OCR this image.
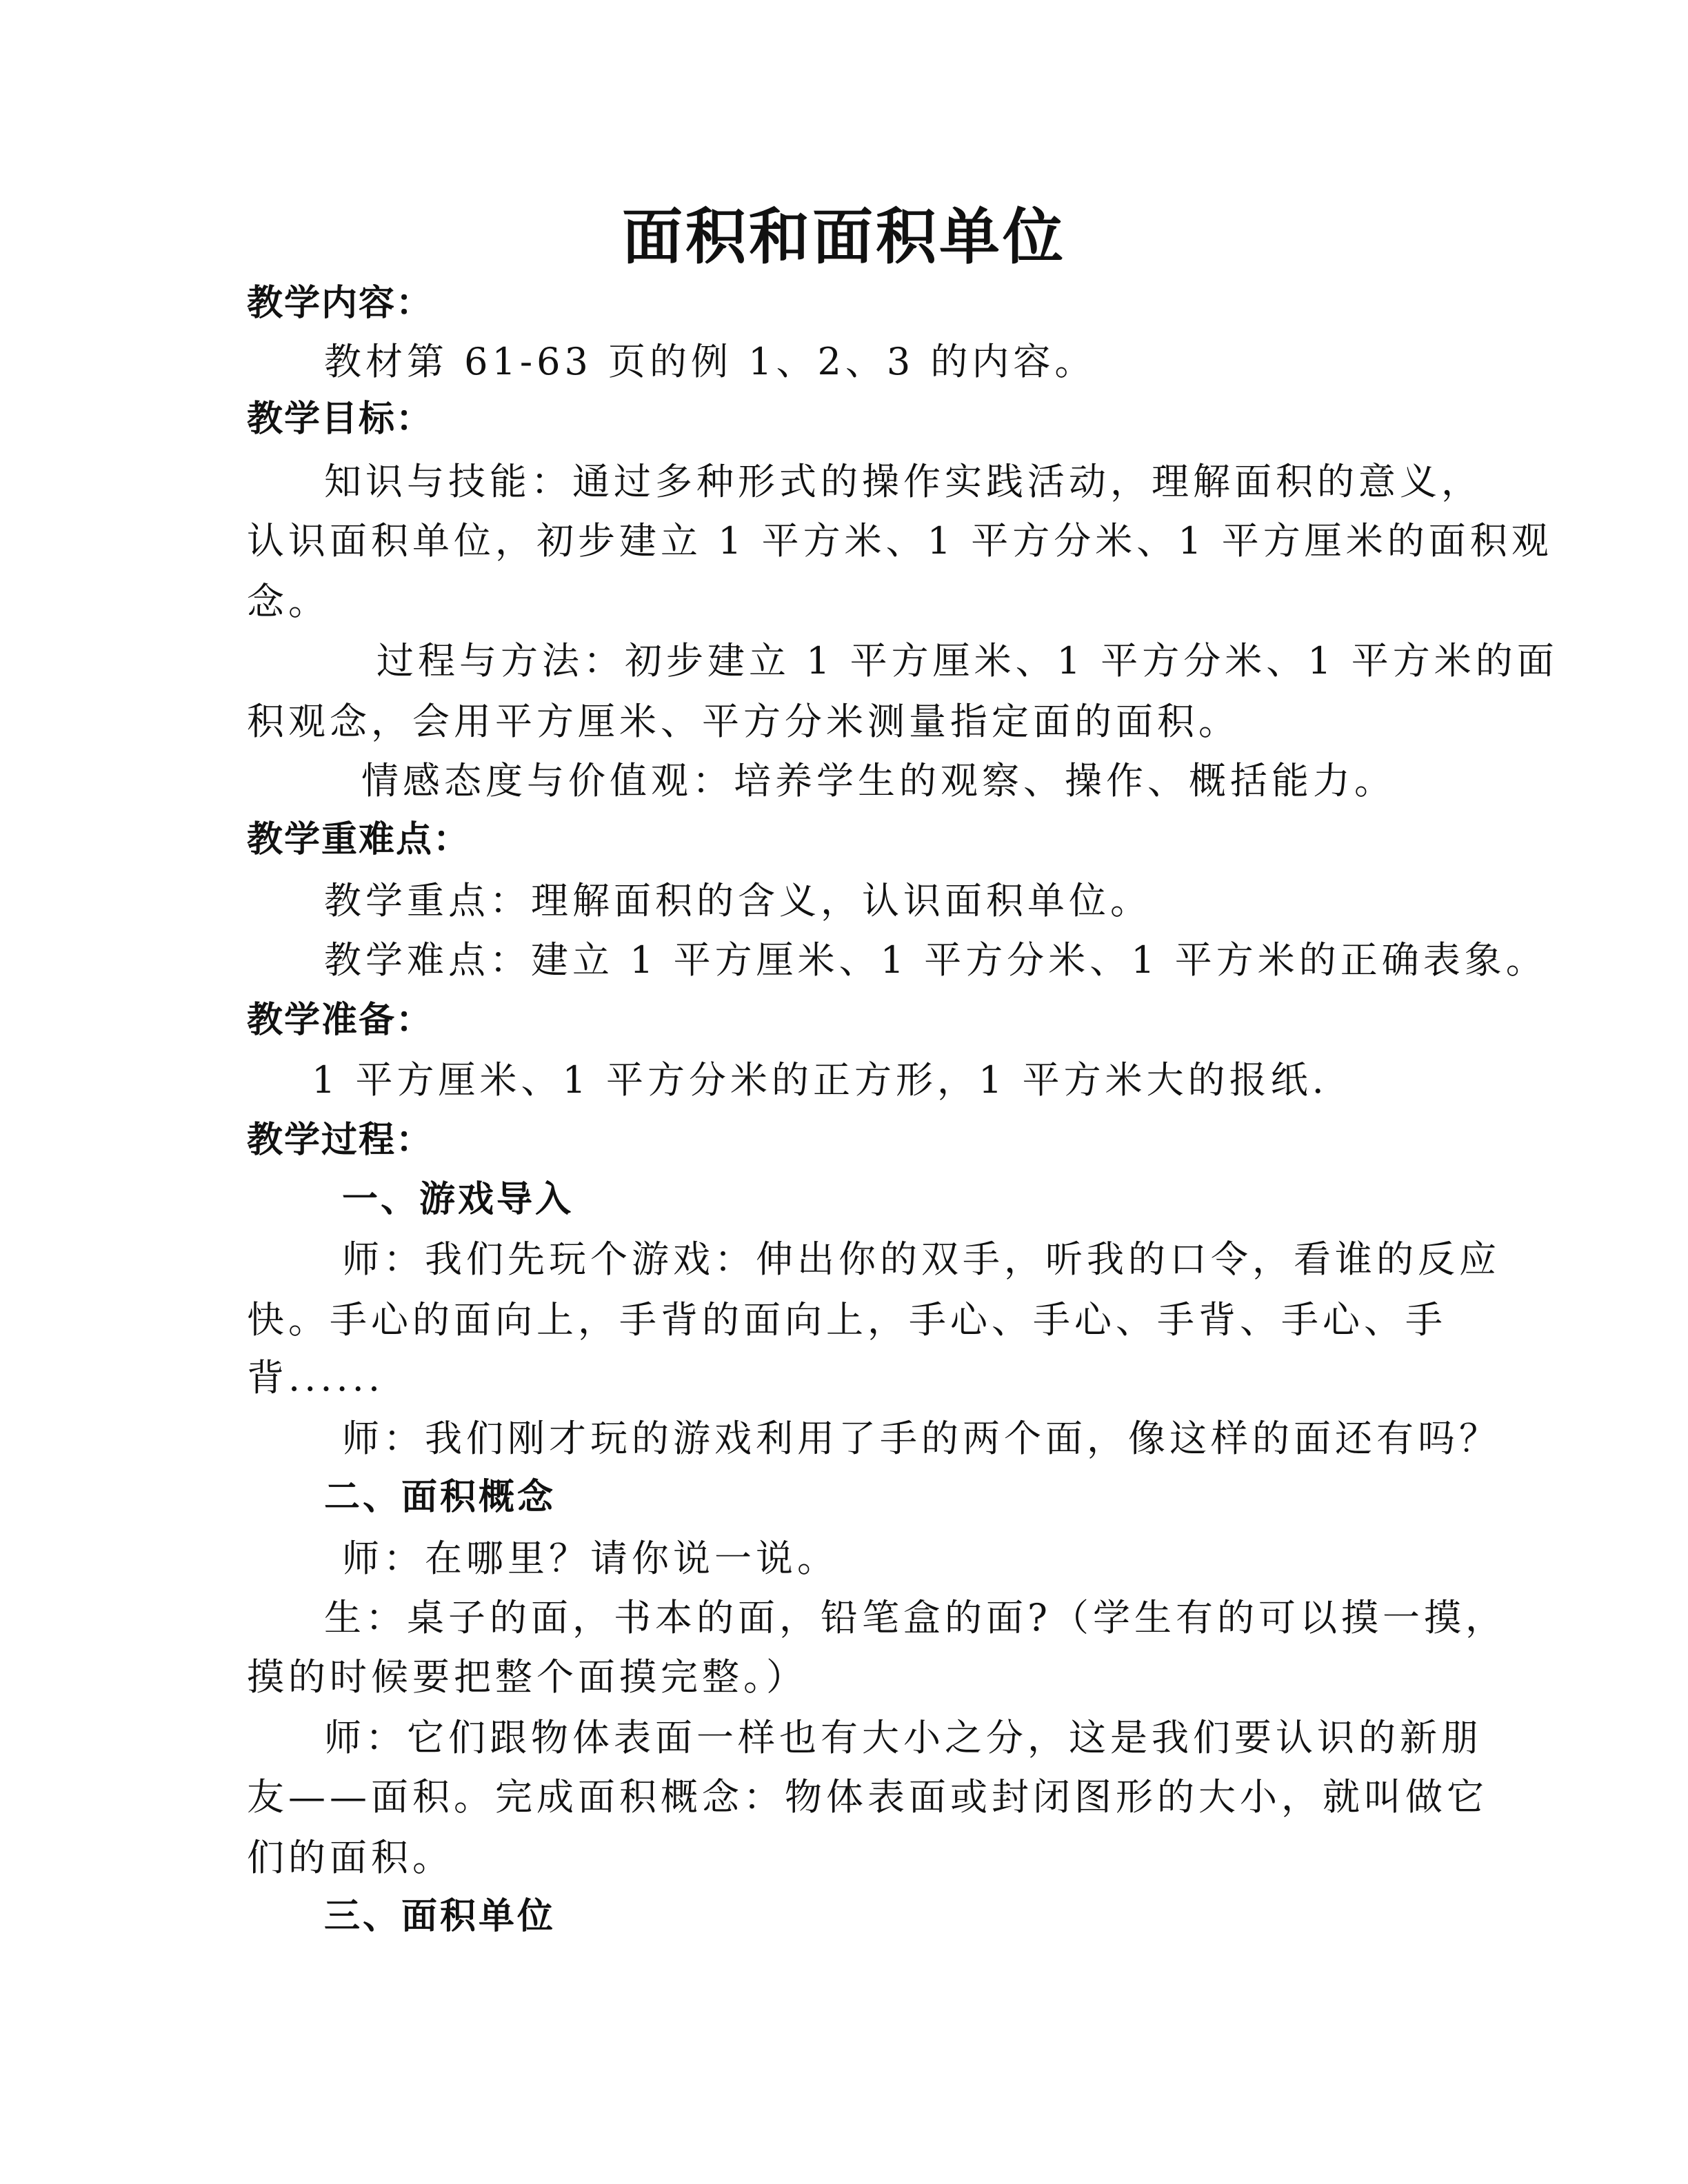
面积和面积单位
教学内容：
教材第 61-63 页的例 1、2、3 的内容。
教学目标：
知识与技能：通过多种形式的操作实践活动，理解面积的意义，
认识面积单位，初步建立 1 平方米、1 平方分米、1 平方厘米的面积观
念。
过程与方法：初步建立 1 平方厘米、1 平方分米、1 平方米的面
积观念，会用平方厘米、平方分米测量指定面的面积。
情感态度与价值观：培养学生的观察、操作、概括能力。
教学重难点：
教学重点：理解面积的含义，认识面积单位。
教学难点：建立 1 平方厘米、1 平方分米、1 平方米的正确表象。
教学准备：
1 平方厘米、1 平方分米的正方形，1 平方米大的报纸.
教学过程：
一、游戏导入
师：我们先玩个游戏：伸出你的双手，听我的口令，看谁的反应
快。手心的面向上，手背的面向上，手心、手心、手背、手心、手
背......
师：我们刚才玩的游戏利用了手的两个面，像这样的面还有吗？
二、面积概念
师：在哪里？请你说一说。
生：桌子的面，书本的面，铅笔盒的面?（学生有的可以摸一摸，
摸的时候要把整个面摸完整。）
师：它们跟物体表面一样也有大小之分，这是我们要认识的新朋
友——面积。完成面积概念：物体表面或封闭图形的大小，就叫做它
们的面积。
三、面积单位
